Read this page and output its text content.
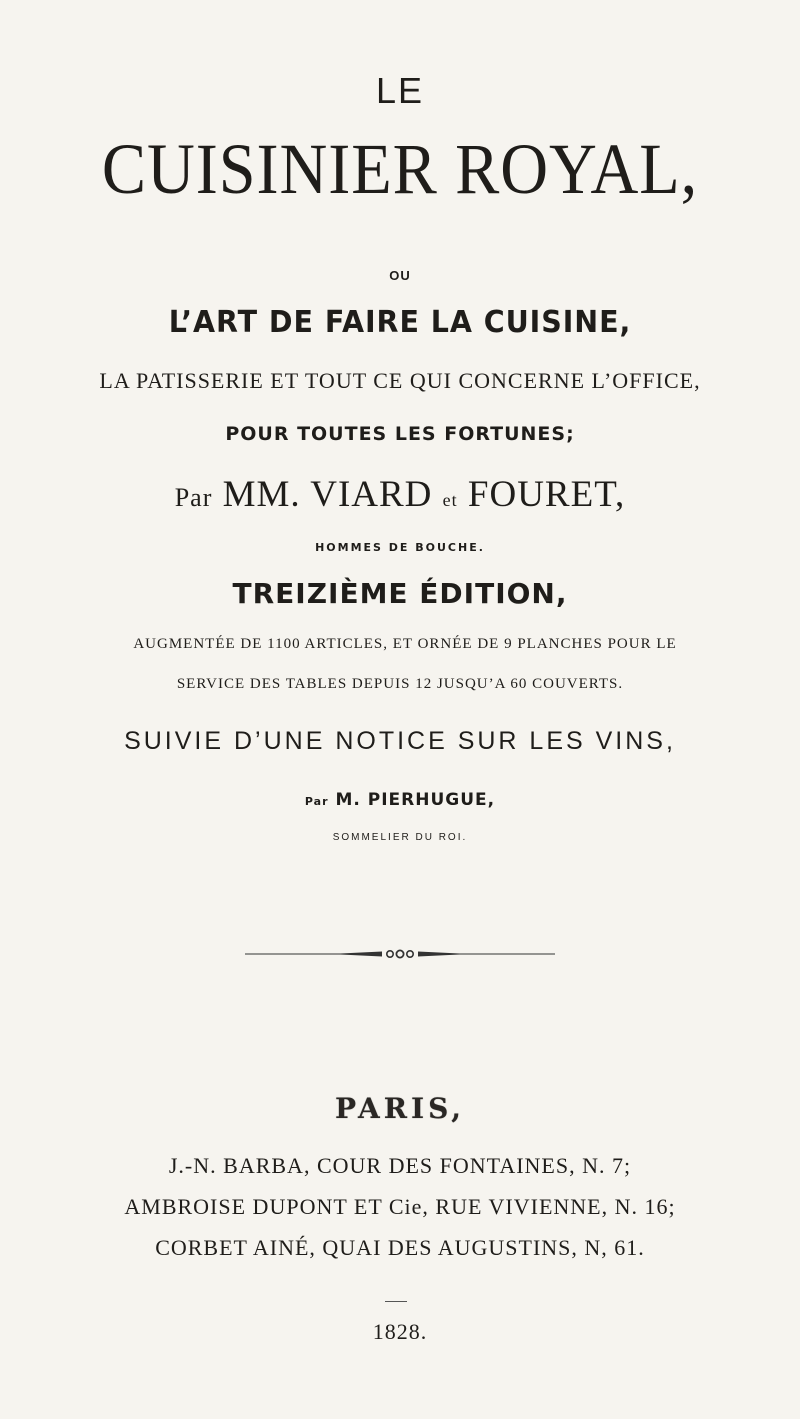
LE
CUISINIER ROYAL,
OU
L’ART DE FAIRE LA CUISINE,
LA PATISSERIE ET TOUT CE QUI CONCERNE L’OFFICE,
POUR TOUTES LES FORTUNES;
Par MM. VIARD et FOURET,
HOMMES DE BOUCHE.
TREIZIÈME ÉDITION,
AUGMENTÉE DE 1100 ARTICLES, ET ORNÉE DE 9 PLANCHES POUR LE
SERVICE DES TABLES DEPUIS 12 JUSQU’A 60 COUVERTS.
SUIVIE D’UNE NOTICE SUR LES VINS,
Par M. PIERHUGUE,
SOMMELIER DU ROI.
PARIS,
J.-N. BARBA, COUR DES FONTAINES, N. 7;
AMBROISE DUPONT ET Cie, RUE VIVIENNE, N. 16;
CORBET AINÉ, QUAI DES AUGUSTINS, N, 61.
1828.
